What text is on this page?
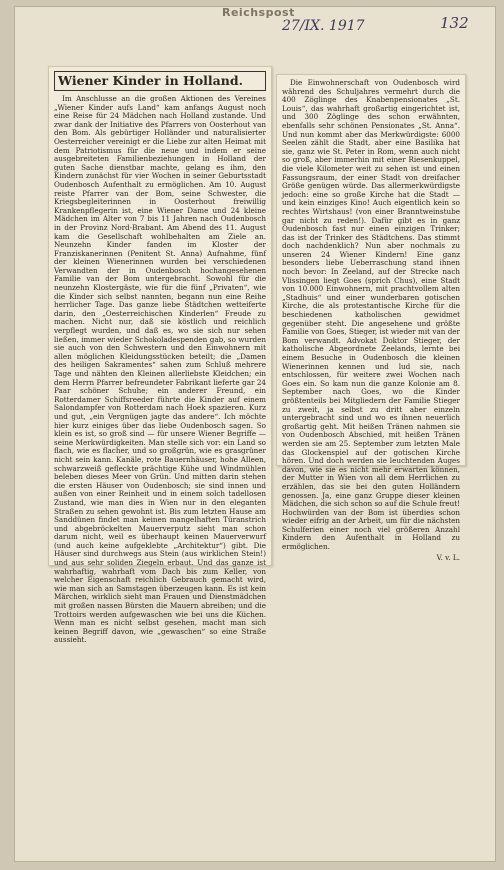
Reichspost
27/IX. 1917	132
Wiener Kinder in Holland.

Im Anschlusse an die großen Aktionen des Vereines „Wiener Kinder aufs Land“ kam anfangs August noch eine Reise für 24 Mädchen nach Holland zustande. Und zwar dank der Initiative des Pfarrers von Oosterhout van den Bom. Als gebürtiger Holländer und naturalisierter Oesterreicher vereinigt er die Liebe zur alten Heimat mit dem Patriotismus für die neue und indem er seine ausgebreiteten Familienbeziehungen in Holland der guten Sache dienstbar machte, gelang es ihm, den Kindern zunächst für vier Wochen in seiner Geburtsstadt Oudenbosch Aufenthalt zu ermöglichen. Am 10. August reiste Pfarrer van der Bom, seine Schwester, die Kriegsbegleiterinnen in Oosterhout freiwillig Krankenpflegerin ist, eine Wiener Dame und 24 kleine Mädchen im Alter von 7 bis 11 Jahren nach Oudenbosch in der Provinz Nord-Brabant. Am Abend des 11. August kam die Gesellschaft wohlbehalten am Ziele an. Neunzehn Kinder fanden im Kloster der Franziskanerinnen (Penitent St. Anna) Aufnahme, fünf der kleinen Wienerinnen wurden bei verschiedenen Verwandten der in Oudenbosch hochangesehenen Familie van der Bom untergebracht. Sowohl für die neunzehn Klostergäste, wie für die fünf „Privaten“, wie die Kinder sich selbst nannten, begann nun eine Reihe herrlicher Tage. Das ganze liebe Städtchen wetteiferte darin, den „Oesterreichischen Kinderlen“ Freude zu machen. Nicht nur, daß sie köstlich und reichlich verpflegt wurden, und daß es, wo sie sich nur sehen ließen, immer wieder Schokoladespenden gab, so wurden sie auch von den Schwestern und den Einwohnern mit allen möglichen Kleidungsstücken beteilt; die „Damen des heiligen Sakramentes“ sahen zum Schluß mehrere Tage und nähten den Kleinen allerliebste Kleidchen; ein dem Herrn Pfarrer befreundeter Fabrikant lieferte gar 24 Paar schöner Schuhe; ein anderer Freund, ein Rotterdamer Schiffsreeder führte die Kinder auf einem Salondampfer von Rotterdam nach Hoek spazieren. Kurz und gut, „ein Vergnügen jagte das andere“. Ich möchte hier kurz einiges über das liebe Oudenbosch sagen. So klein es ist, so groß sind — für unsere Wiener Begriffe — seine Merkwürdigkeiten. Man stelle sich vor: ein Land so flach, wie es flacher, und so großgrün, wie es grasgrüner nicht sein kann. Kanäle, rote Bauernhäuser, hohe Alleen, schwarzweiß gefleckte prächtige Kühe und Windmühlen beleben dieses Meer von Grün. Und mitten darin stehen die ersten Häuser von Oudenbosch; sie sind innen und außen von einer Reinheit und in einem solch tadellosen Zustand, wie man dies in Wien nur in den eleganten Straßen zu sehen gewohnt ist. Bis zum letzten Hause am Sanddünen findet man keinen mangelhaften Türanstrich und abgebröckelten Mauerverputz sieht man schon darum nicht, weil es überhaupt keinen Mauerverwurf (und auch keine aufgeklebte „Architektur“) gibt. Die Häuser sind durchwegs aus Stein (aus wirklichen Stein!) und aus sehr soliden Ziegeln erbaut. Und das ganze ist wahrhaftig, wahrhaft vom Dach bis zum Keller, von welcher Eigenschaft reichlich Gebrauch gemacht wird, wie man sich an Samstagen überzeugen kann. Es ist kein Märchen, wirklich sieht man Frauen und Dienstmädchen mit großen nassen Bürsten die Mauern abreiben; und die Trottoirs werden aufgewaschen wie bei uns die Küchen. Wenn man es nicht selbst gesehen, macht man sich keinen Begriff davon, wie „gewaschen“ so eine Straße aussieht.

Die Einwohnerschaft von Oudenbosch wird während des Schuljahres vermehrt durch die 400 Zöglinge des Knabenpensionates „St. Louis“, das wahrhaft großartig eingerichtet ist, und 300 Zöglinge des schon erwähnten, ebenfalls sehr schönen Pensionates „St. Anna“. Und nun kommt aber das Merkwürdigste: 6000 Seelen zählt die Stadt, aber eine Basilika hat sie, ganz wie St. Peter in Rom, wenn auch nicht so groß, aber immerhin mit einer Riesenkuppel, die viele Kilometer weit zu sehen ist und einen Fassungsraum, der einer Stadt von dreifacher Größe genügen würde. Das allermerkwürdigste jedoch: eine so große Kirche hat die Stadt — und kein einziges Kino! Auch eigentlich kein so rechtes Wirtshaus! (von einer Branntweinstube gar nicht zu reden!). Dafür gibt es in ganz Oudenbosch fast nur einen einzigen Trinker; das ist der Trinker des Städtchens. Das stimmt doch nachdenklich? Nun aber nochmals zu unseren 24 Wiener Kindern! Eine ganz besonders liebe Ueberraschung stand ihnen noch bevor: In Zeeland, auf der Strecke nach Vlissingen liegt Goes (sprich Chus), eine Stadt von 10.000 Einwohnern, mit prachtvollem alten „Stadhuis“ und einer wunderbaren gotischen Kirche, die als protestantische Kirche für die beschiedenen katholischen gewidmet gegenüber steht. Die angesehene und größte Familie von Goes, Stieger, ist wieder mit van der Bom verwandt. Advokat Doktor Stieger, der katholische Abgeordnete Zeelands, lernte bei einem Besuche in Oudenbosch die kleinen Wienerinnen kennen und lud sie, nach entschlossen, für weitere zwei Wochen nach Goes ein. So kam nun die ganze Kolonie am 8. September nach Goes, wo die Kinder größtenteils bei Mitgliedern der Familie Stieger zu zweit, ja selbst zu dritt aber einzeln untergebracht sind und wo es ihnen neuerlich großartig geht. Mit heißen Tränen nahmen sie von Oudenbosch Abschied, mit heißen Tränen werden sie am 25. September zum letzten Male das Glockenspiel auf der gotischen Kirche hören. Und doch werden sie leuchtenden Auges davon, wie sie es nicht mehr erwarten können, der Mutter in Wien von all dem Herrlichen zu erzählen, das sie bei den guten Holländern genossen. Ja, eine ganz Gruppe dieser kleinen Mädchen, die sich schon so auf die Schule freut! Hochwürden van der Bom ist überdies schon wieder eifrig an der Arbeit, um für die nächsten Schulferien einer noch viel größeren Anzahl Kindern den Aufenthalt in Holland zu ermöglichen.

V. v. L.
